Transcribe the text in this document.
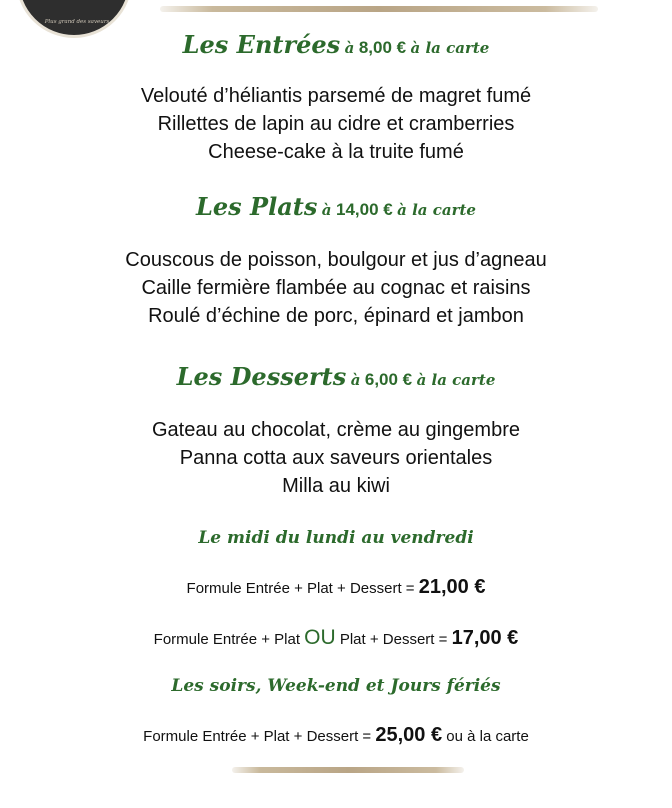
Plus grand des saveurs
Les Entrées à 8,00 € à la carte
Velouté d’héliantis parsemé de magret fumé
Rillettes de lapin au cidre et cramberries
Cheese-cake à la truite fumé
Les Plats à 14,00 € à la carte
Couscous de poisson, boulgour et jus d’agneau
Caille fermière flambée au cognac et raisins
Roulé d’échine de porc, épinard et jambon
Les Desserts à 6,00 € à la carte
Gateau au chocolat, crème au gingembre
Panna cotta aux saveurs orientales
Milla au kiwi
Le midi du lundi au vendredi
Formule Entrée + Plat + Dessert = 21,00 €
Formule Entrée + Plat OU Plat + Dessert = 17,00 €
Les soirs, Week-end et Jours fériés
Formule Entrée + Plat + Dessert = 25,00 € ou à la carte
